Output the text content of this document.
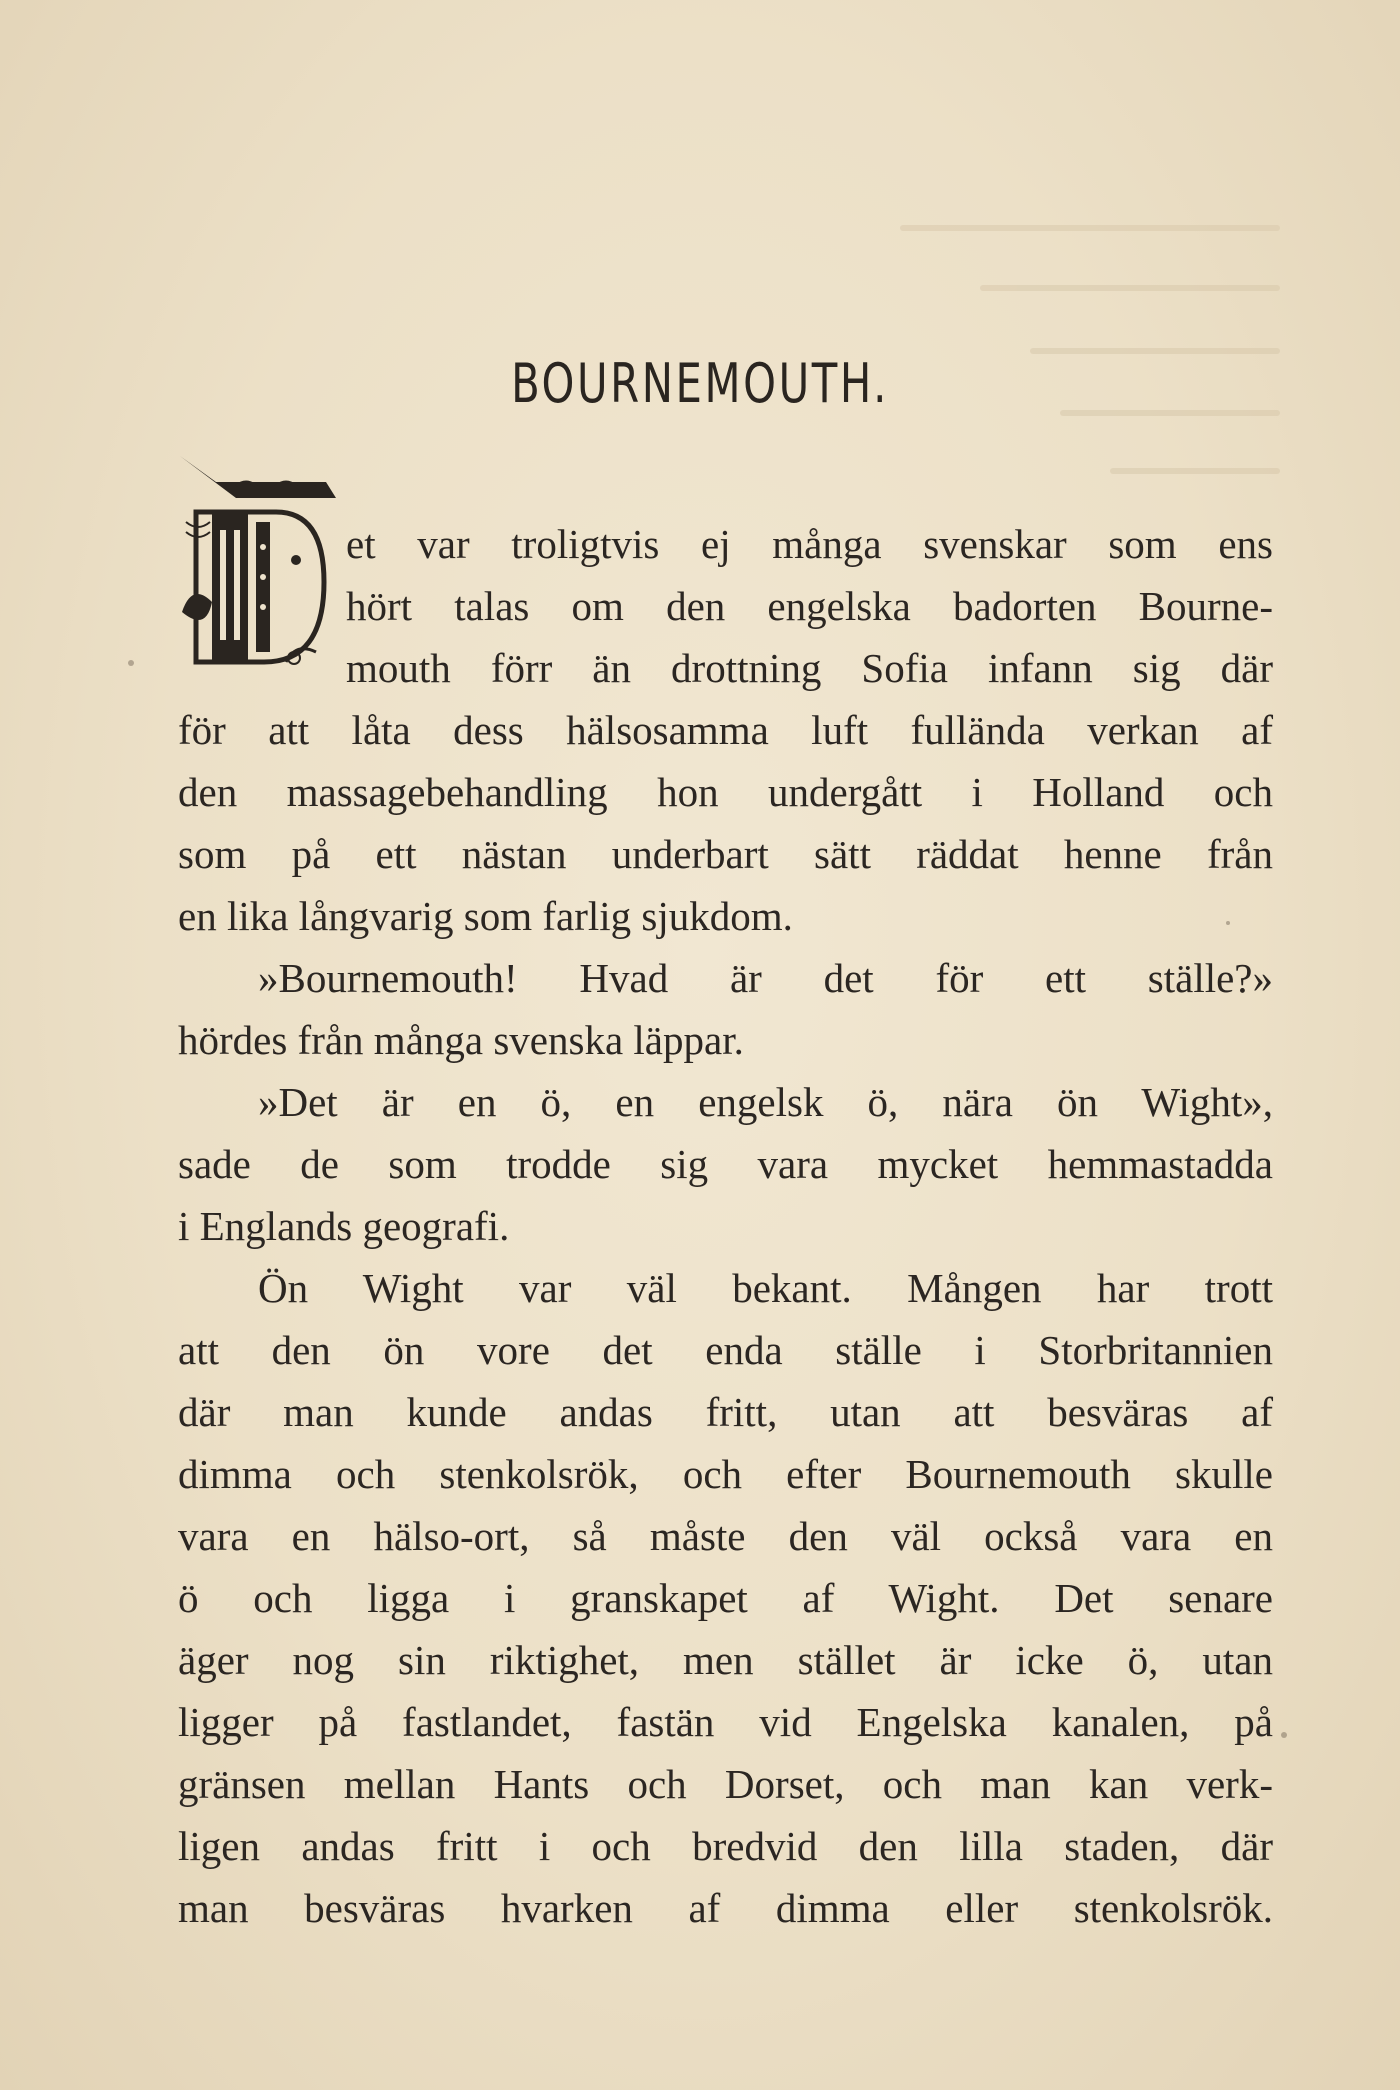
BOURNEMOUTH.
D
et var troligtvis ej många svenskar som ens
hört talas om den engelska badorten Bourne-
mouth förr än drottning Sofia infann sig där
för att låta dess hälsosamma luft fullända verkan af
den massagebehandling hon undergått i Holland och
som på ett nästan underbart sätt räddat henne från
en lika långvarig som farlig sjukdom.
»Bournemouth! Hvad är det för ett ställe?»
hördes från många svenska läppar.
»Det är en ö, en engelsk ö, nära ön Wight»,
sade de som trodde sig vara mycket hemmastadda
i Englands geografi.
Ön Wight var väl bekant. Mången har trott
att den ön vore det enda ställe i Storbritannien
där man kunde andas fritt, utan att besväras af
dimma och stenkolsrök, och efter Bournemouth skulle
vara en hälso-ort, så måste den väl också vara en
ö och ligga i granskapet af Wight. Det senare
äger nog sin riktighet, men stället är icke ö, utan
ligger på fastlandet, fastän vid Engelska kanalen, på
gränsen mellan Hants och Dorset, och man kan verk-
ligen andas fritt i och bredvid den lilla staden, där
man besväras hvarken af dimma eller stenkolsrök.
